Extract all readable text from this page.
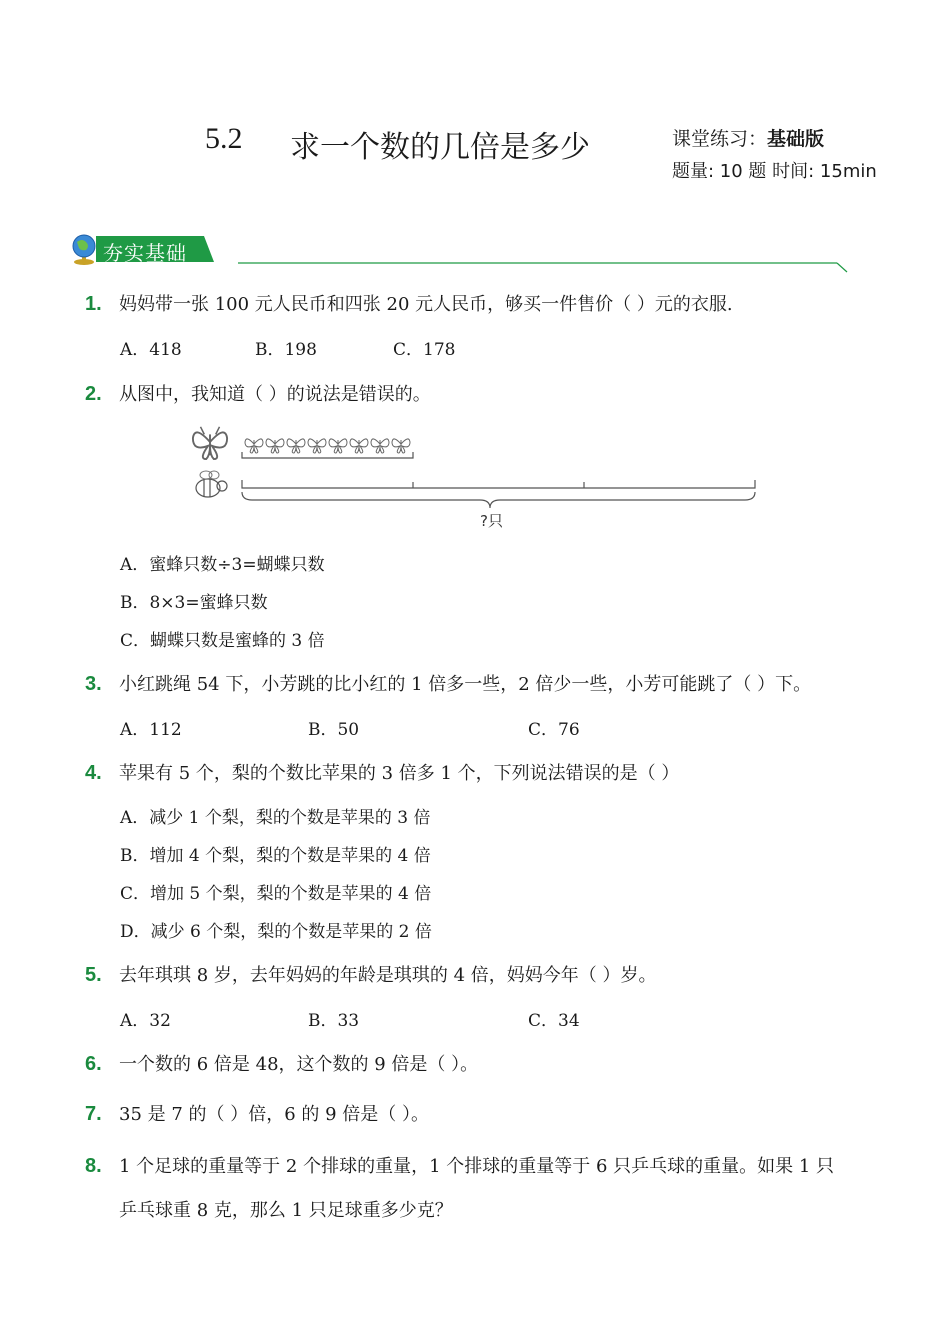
5.2 求一个数的几倍是多少	课堂练习：基础版
题量: 10 题 时间: 15min
夯实基础
1. 妈妈带一张 100 元人民币和四张 20 元人民币，够买一件售价（ ）元的衣服.
A．418	B．198	C．178
2. 从图中，我知道（ ）的说法是错误的。
?只
A．蜜蜂只数÷3=蝴蝶只数
B．8×3=蜜蜂只数
C．蝴蝶只数是蜜蜂的 3 倍
3. 小红跳绳 54 下，小芳跳的比小红的 1 倍多一些，2 倍少一些，小芳可能跳了（ ）下。
A．112	B．50	C．76
4. 苹果有 5 个，梨的个数比苹果的 3 倍多 1 个，下列说法错误的是（ ）
A．减少 1 个梨，梨的个数是苹果的 3 倍
B．增加 4 个梨，梨的个数是苹果的 4 倍
C．增加 5 个梨，梨的个数是苹果的 4 倍
D．减少 6 个梨，梨的个数是苹果的 2 倍
5. 去年琪琪 8 岁，去年妈妈的年龄是琪琪的 4 倍，妈妈今年（ ）岁。
A．32	B．33	C．34
6. 一个数的 6 倍是 48，这个数的 9 倍是（ ）。
7. 35 是 7 的（ ）倍，6 的 9 倍是（ ）。
8. 1 个足球的重量等于 2 个排球的重量，1 个排球的重量等于 6 只乒乓球的重量。如果 1 只
乒乓球重 8 克，那么 1 只足球重多少克？
